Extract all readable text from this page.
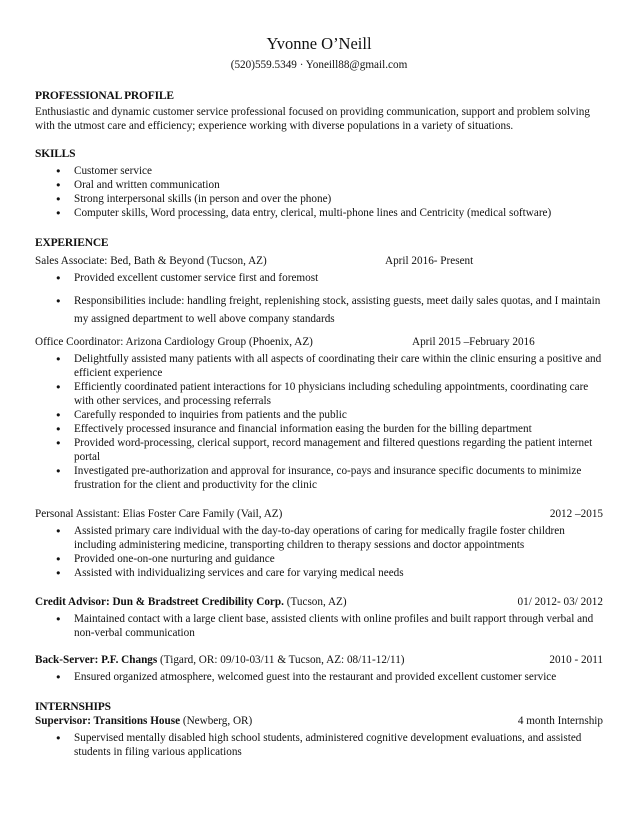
Yvonne O’Neill
(520)559.5349 · Yoneill88@gmail.com
PROFESSIONAL PROFILE
Enthusiastic and dynamic customer service professional focused on providing communication, support and problem solving with the utmost care and efficiency; experience working with diverse populations in a variety of situations.
SKILLS
● Customer service
● Oral and written communication
● Strong interpersonal skills (in person and over the phone)
● Computer skills, Word processing, data entry, clerical, multi-phone lines and Centricity (medical software)
EXPERIENCE
Sales Associate: Bed, Bath & Beyond (Tucson, AZ)	April 2016- Present
● Provided excellent customer service first and foremost
● Responsibilities include: handling freight, replenishing stock, assisting guests, meet daily sales quotas, and I maintain my assigned department to well above company standards
Office Coordinator: Arizona Cardiology Group (Phoenix, AZ)	April 2015 –February 2016
● Delightfully assisted many patients with all aspects of coordinating their care within the clinic ensuring a positive and efficient experience
● Efficiently coordinated patient interactions for 10 physicians including scheduling appointments, coordinating care with other services, and processing referrals
● Carefully responded to inquiries from patients and the public
● Effectively processed insurance and financial information easing the burden for the billing department
● Provided word-processing, clerical support, record management and filtered questions regarding the patient internet portal
● Investigated pre-authorization and approval for insurance, co-pays and insurance specific documents to minimize frustration for the client and productivity for the clinic
Personal Assistant: Elias Foster Care Family (Vail, AZ)	2012 –2015
● Assisted primary care individual with the day-to-day operations of caring for medically fragile foster children including administering medicine, transporting children to therapy sessions and doctor appointments
● Provided one-on-one nurturing and guidance
● Assisted with individualizing services and care for varying medical needs
Credit Advisor: Dun & Bradstreet Credibility Corp. (Tucson, AZ)	01/ 2012- 03/ 2012
● Maintained contact with a large client base, assisted clients with online profiles and built rapport through verbal and non-verbal communication
Back-Server: P.F. Changs (Tigard, OR: 09/10-03/11 & Tucson, AZ: 08/11-12/11)	2010 - 2011
● Ensured organized atmosphere, welcomed guest into the restaurant and provided excellent customer service
INTERNSHIPS
Supervisor: Transitions House (Newberg, OR)	4 month Internship
● Supervised mentally disabled high school students, administered cognitive development evaluations, and assisted students in filing various applications
